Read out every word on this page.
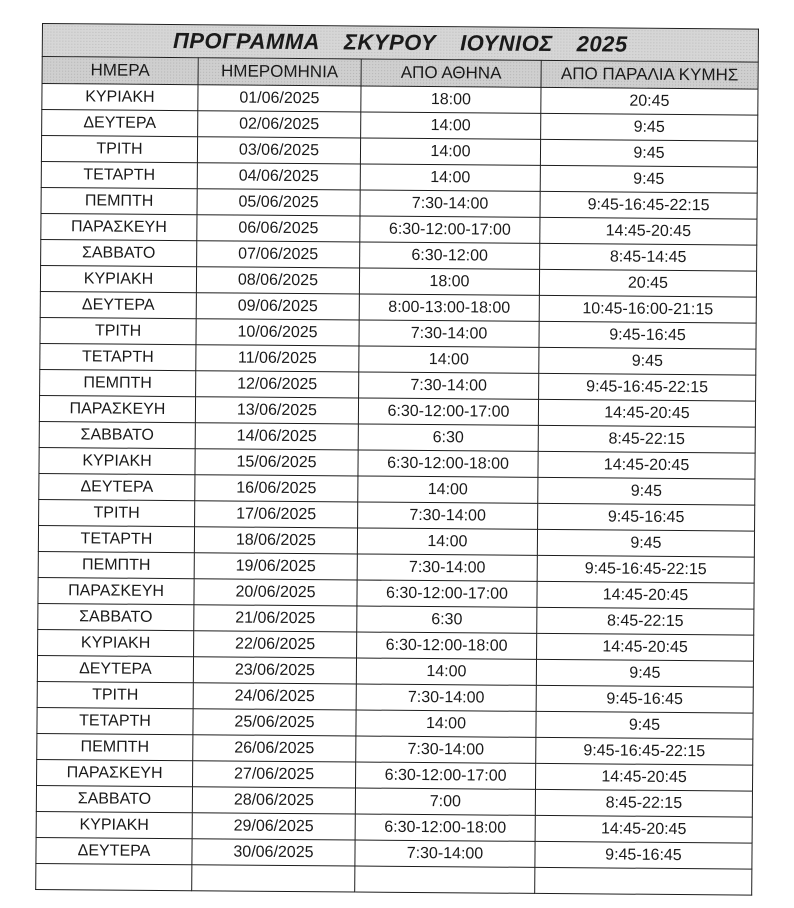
ΠΡΟΓΡΑΜΜΑ ΣΚΥΡΟΥ ΙΟΥΝΙΟΣ 2025			
ΗΜΕΡΑ	ΗΜΕΡΟΜΗΝΙΑ	ΑΠΟ ΑΘΗΝΑ	ΑΠΟ ΠΑΡΑΛΙΑ ΚΥΜΗΣ
ΚΥΡΙΑΚΗ	01/06/2025	18:00	20:45
ΔΕΥΤΕΡΑ	02/06/2025	14:00	9:45
ΤΡΙΤΗ	03/06/2025	14:00	9:45
ΤΕΤΑΡΤΗ	04/06/2025	14:00	9:45
ΠΕΜΠΤΗ	05/06/2025	7:30-14:00	9:45-16:45-22:15
ΠΑΡΑΣΚΕΥΗ	06/06/2025	6:30-12:00-17:00	14:45-20:45
ΣΑΒΒΑΤΟ	07/06/2025	6:30-12:00	8:45-14:45
ΚΥΡΙΑΚΗ	08/06/2025	18:00	20:45
ΔΕΥΤΕΡΑ	09/06/2025	8:00-13:00-18:00	10:45-16:00-21:15
ΤΡΙΤΗ	10/06/2025	7:30-14:00	9:45-16:45
ΤΕΤΑΡΤΗ	11/06/2025	14:00	9:45
ΠΕΜΠΤΗ	12/06/2025	7:30-14:00	9:45-16:45-22:15
ΠΑΡΑΣΚΕΥΗ	13/06/2025	6:30-12:00-17:00	14:45-20:45
ΣΑΒΒΑΤΟ	14/06/2025	6:30	8:45-22:15
ΚΥΡΙΑΚΗ	15/06/2025	6:30-12:00-18:00	14:45-20:45
ΔΕΥΤΕΡΑ	16/06/2025	14:00	9:45
ΤΡΙΤΗ	17/06/2025	7:30-14:00	9:45-16:45
ΤΕΤΑΡΤΗ	18/06/2025	14:00	9:45
ΠΕΜΠΤΗ	19/06/2025	7:30-14:00	9:45-16:45-22:15
ΠΑΡΑΣΚΕΥΗ	20/06/2025	6:30-12:00-17:00	14:45-20:45
ΣΑΒΒΑΤΟ	21/06/2025	6:30	8:45-22:15
ΚΥΡΙΑΚΗ	22/06/2025	6:30-12:00-18:00	14:45-20:45
ΔΕΥΤΕΡΑ	23/06/2025	14:00	9:45
ΤΡΙΤΗ	24/06/2025	7:30-14:00	9:45-16:45
ΤΕΤΑΡΤΗ	25/06/2025	14:00	9:45
ΠΕΜΠΤΗ	26/06/2025	7:30-14:00	9:45-16:45-22:15
ΠΑΡΑΣΚΕΥΗ	27/06/2025	6:30-12:00-17:00	14:45-20:45
ΣΑΒΒΑΤΟ	28/06/2025	7:00	8:45-22:15
ΚΥΡΙΑΚΗ	29/06/2025	6:30-12:00-18:00	14:45-20:45
ΔΕΥΤΕΡΑ	30/06/2025	7:30-14:00	9:45-16:45
